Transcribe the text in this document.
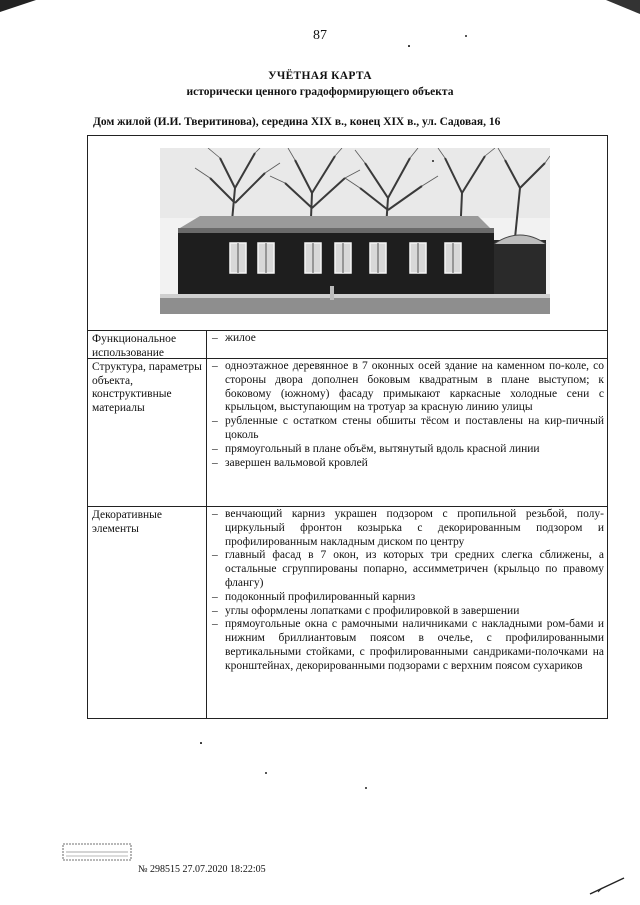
87
УЧЁТНАЯ КАРТА
исторически ценного градоформирующего объекта
Дом жилой (И.И. Тверитинова), середина XIX в., конец XIX в., ул. Садовая, 16
Функциональное использование
– жилое
Структура, параметры объекта, конструктивные материалы
– одноэтажное деревянное в 7 оконных осей здание на каменном по-коле, со стороны двора дополнен боковым квадратным в плане выступом; к боковому (южному) фасаду примыкают каркасные холодные сени с крыльцом, выступающим на тротуар за красную линию улицы
– рубленные с остатком стены обшиты тёсом и поставлены на кир-пичный цоколь
– прямоугольный в плане объём, вытянутый вдоль красной линии
– завершен вальмовой кровлей
Декоративные элементы
– венчающий карниз украшен подзором с пропильной резьбой, полу-циркульный фронтон козырька с декорированным подзором и профилированным накладным диском по центру
– главный фасад в 7 окон, из которых три средних слегка сближены, а остальные сгруппированы попарно, ассимметричен (крыльцо по правому флангу)
– подоконный профилированный карниз
– углы оформлены лопатками с профилировкой в завершении
– прямоугольные окна с рамочными наличниками с накладными ром-бами и нижним бриллиантовым поясом в очелье, с профилированными вертикальными стойками, с профилированными сандриками-полочками на кронштейнах, декорированными подзорами с верхним поясом сухариков
№ 298515 27.07.2020 18:22:05
